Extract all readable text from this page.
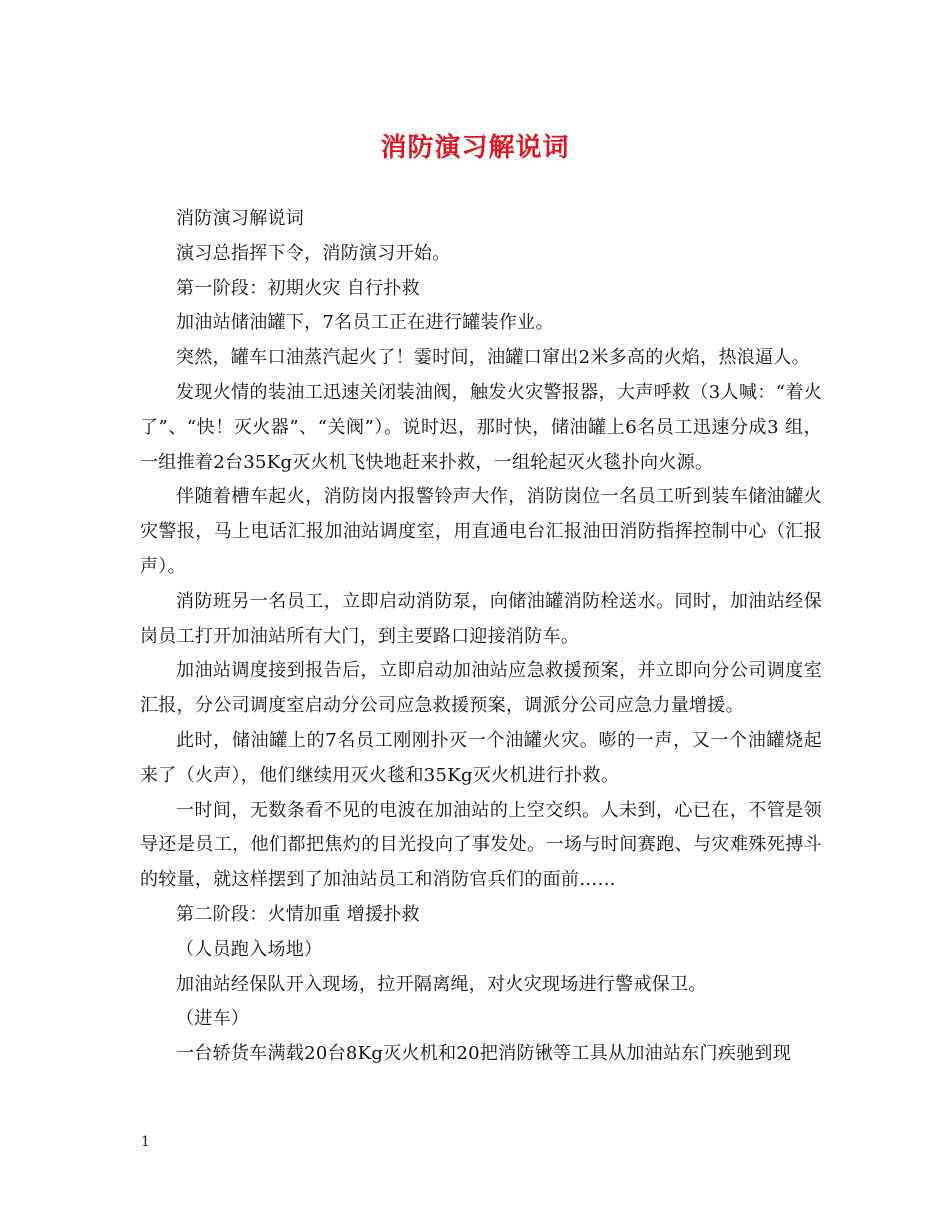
消防演习解说词

消防演习解说词

演习总指挥下令，消防演习开始。

第一阶段：初期火灾 自行扑救

加油站储油罐下，7名员工正在进行罐装作业。

突然，罐车口油蒸汽起火了！霎时间，油罐口窜出2米多高的火焰，热浪逼人。

发现火情的装油工迅速关闭装油阀，触发火灾警报器，大声呼救（3人喊：“着火了”、“快！灭火器”、“关阀”）。说时迟，那时快，储油罐上6名员工迅速分成3 组，一组推着2台35Kg灭火机飞快地赶来扑救，一组轮起灭火毯扑向火源。

伴随着槽车起火，消防岗内报警铃声大作，消防岗位一名员工听到装车储油罐火灾警报，马上电话汇报加油站调度室，用直通电台汇报油田消防指挥控制中心（汇报声）。

消防班另一名员工，立即启动消防泵，向储油罐消防栓送水。同时，加油站经保岗员工打开加油站所有大门，到主要路口迎接消防车。

加油站调度接到报告后，立即启动加油站应急救援预案，并立即向分公司调度室汇报，分公司调度室启动分公司应急救援预案，调派分公司应急力量增援。

此时，储油罐上的7名员工刚刚扑灭一个油罐火灾。嘭的一声，又一个油罐烧起来了（火声），他们继续用灭火毯和35Kg灭火机进行扑救。

一时间，无数条看不见的电波在加油站的上空交织。人未到，心已在，不管是领导还是员工，他们都把焦灼的目光投向了事发处。一场与时间赛跑、与灾难殊死搏斗的较量，就这样摆到了加油站员工和消防官兵们的面前……

第二阶段：火情加重 增援扑救

（人员跑入场地）

加油站经保队开入现场，拉开隔离绳，对火灾现场进行警戒保卫。

（进车）

一台轿货车满载20台8Kg灭火机和20把消防锹等工具从加油站东门疾驰到现

1
